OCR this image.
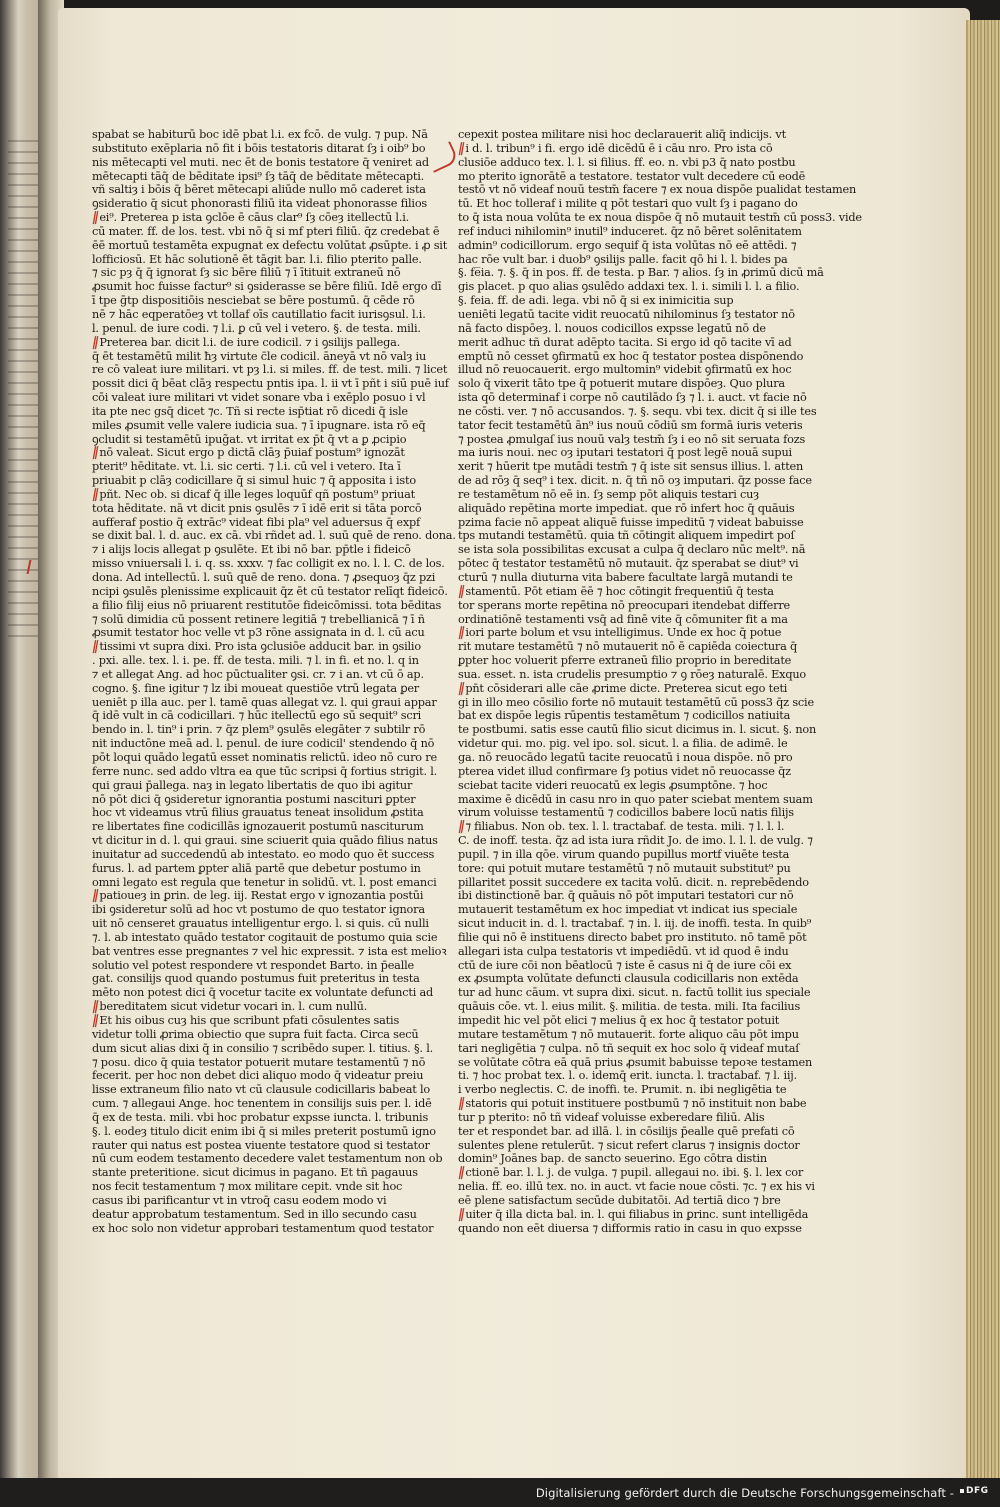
spabat se habiturū boc idē pbat l.i. ex fcō. de vulg. ⁊ pup. Nā
substituto exēplaria nō fit i bōis testatoris ditarat ſȝ i oib⁹ bo
nis mētecapti vel muti. nec ēt de bonis testatore q̄ veniret ad
mētecapti tāq̄ de bēditate ipsi⁹ ſȝ tāq̄ de bēditate mētecapti.
vñ saltiȝ i bōis q̄ bēret mētecapi aliūde nullo mō caderet ista
ꝯsideratio q̄ sicut phonorasti filiū ita videat phonorasse filios
‖ei⁹. Preterea p ista ꝯclōe ē cāus clar⁹ ſȝ cōeȝ itellectū l.i.
cū mater. ff. de los. test. vbi nō q̄ si mf pteri filiū. q̄z credebat ē
ēē mortuū testamēta expugnat ex defectu volūtat ꝓsūpte. i ꝓ sit
lofficiosū. Et hāc solutionē ēt tāgit bar. l.i. filio pterito palle.
⁊ sic pȝ q̄ q̄ ignorat ſȝ sic bēre filiū ⁊ ī ītituit extraneū nō
ꝓsumit hoc fuisse factur⁹ si ꝯsiderasse se bēre filiū. Idē ergo dī
ī tpe ḡtp dispositiōis nesciebat se bēre postumū. q̄ cēde rō
nē ⁊ hāc eqperatōeȝ vt tollaf oīs cautillatio facit iurisꝯsul. l.i.
l. penul. de iure codi. ⁊ l.i. ꝑ cū vel i vetero. §. de testa. mili.
‖Preterea bar. dicit l.i. de iure codicil. ⁊ i ꝯsilijs pallega.
q̄ ēt testamētū milit ħȝ virtute c̄le codicil. āneyā vt nō valȝ iu
re cō valeat iure militari. vt pȝ l.i. si miles. ff. de test. mili. ⁊ licet
possit dici q̄ bēat clāȝ respectu pntis ipa. l. ii vt ī pñt i siū puē iuf
cōi valeat iure militari vt videt sonare vba i exēplo posuo i vl
ita pte nec gsq̄ dicet ⁊c. Tñ si recte isp̄tiat rō dicedi q̄ isle
miles ꝓsumit velle valere iudicia sua. ⁊ ī ipugnare. ista rō eq̄
ꝯcludit si testamētū ipug̃at. vt irritat ex p̄t q̄ vt a ꝑ ꝓcipio
‖nō valeat. Sicut ergo p dictā clāȝ p̄uiaf postum⁹ ignozāt
pterit⁹ hēditate. vt. l.i. sic certi. ⁊ l.i. cū vel i vetero. Ita ī
priuabit p clāȝ codicillare q̄ si simul huic ⁊ q̄ apposita i isto
‖pñt. Nec ob. si dicaf q̄ ille leges loquūf qñ postum⁹ priuat
tota hēditate. nā vt dicit pnis ꝯsulēs ⁊ ī idē erit si tāta porcō
aufferaf postio q̄ extrāc⁹ videat fibi pla⁹ vel aduersus q̄ expf
se dixit bal. l. d. auc. ex cā. vbi rñdet ad. l. suū quē de reno. dona.
⁊ i alijs locis allegat p ꝯsulēte. Et ibi nō bar. pp̄tle i fideicō
misso vniuersali l. i. q. ss. xxxv. ⁊ fac colligit ex no. l. l. C. de los.
dona. Ad intellectū. l. suū quē de reno. dona. ⁊ ꝓsequoȝ q̄z pzi
ncipi ꝯsulēs plenissime explicauit q̄z ēt cū testator relīqt fideicō.
a filio filij eius nō priuarent restitutōe fideicōmissi. tota bēditas
⁊ solū dimidia cū possent retinere legitiā ⁊ trebellianicā ⁊ ī ñ
ꝓsumit testator hoc velle vt p3 rōne assignata in d. l. cū acu
‖tissimi vt supra dixi. Pro ista ꝯclusiōe adducit bar. in ꝯsilio
. pxi. alle. tex. l. i. pe. ff. de testa. mili. ⁊ l. in fi. et no. l. q in
⁊ et allegat Ang. ad hoc pūctualiter ꝯsi. cr. ⁊ i an. vt cū ō ap.
cogno. §. fine igitur ⁊ lz ibi moueat questiōe vtrū legata ꝑer
ueniēt p illa auc. per l. tamē quas allegat vz. l. qui graui appar
q̄ idē vult in cā codicillari. ⁊ hūc itellectū ego sū sequit⁹ scri
bendo in. l. tin⁹ i prin. ⁊ q̄z plem⁹ ꝯsulēs elegāter ⁊ subtilr rō
nit inductōne meā ad. l. penul. de iure codicil' stendendo q̄ nō
pōt loqui quādo legatū esset nominatis relictū. ideo nō curo re
ferre nunc. sed addo vltra ea que tūc scripsi q̄ fortius strigit. l.
qui graui p̄allega. naȝ in legato libertatis de quo ibi agitur
nō pōt dici q̄ ꝯsideretur ignorantia postumi nascituri ꝑpter
hoc vt videamus vtrū filius grauatus teneat insolidum ꝓstita
re libertates fine codicillās ignozauerit postumū nasciturum
vt dicitur in d. l. qui graui. sine sciuerit quia quādo filius natus
inuitatur ad succedendū ab intestato. eo modo quo ēt success
furus. l. ad partem ꝑpter aliā partē que debetur postumo in
omni legato est regula que tenetur in solidū. vt. l. post emanci
‖patioueȝ in ꝑrin. de leg. iij. Restat ergo v ignozantia postūi
ibi ꝯsideretur solū ad hoc vt postumo de quo testator ignora
uit nō censeret grauatus intelligentur ergo. l. si quis. cū nulli
⁊. l. ab intestato quādo testator cogitauit de postumo quia scie
bat ventres esse pregnantes ⁊ vel hic expressit. ⁊ ista est melioꝛ
solutio vel potest respondere vt respondet Barto. in p̄ealle
gat. consilijs quod quando postumus fuit preteritus in testa
mēto non potest dici q̄ vocetur tacite ex voluntate defuncti ad
‖bereditatem sicut videtur vocari in. l. cum nullū.
‖Et his oibus cuȝ his que scribunt pfati cōsulentes satis
videtur tolli ꝓrima obiectio que supra fuit facta. Circa secū
dum sicut alias dixi q̄ in consilio ⁊ scribēdo super. l. titius. §. l.
⁊ posu. dico q̄ quia testator potuerit mutare testamentū ⁊ nō
fecerit. per hoc non debet dici aliquo modo q̄ videatur preiu
lisse extraneum filio nato vt cū clausule codicillaris babeat lo
cum. ⁊ allegaui Ange. hoc tenentem in consilijs suis per. l. idē
q̄ ex de testa. mili. vbi hoc probatur expsse iuncta. l. tribunis
§. l. eodeȝ titulo dicit enim ibi q̄ si miles preterit postumū igno
rauter qui natus est postea viuente testatore quod si testator
nū cum eodem testamento decedere valet testamentum non ob
stante preteritione. sicut dicimus in pagano. Et tñ pagauus
nos fecit testamentum ⁊ mox militare cepit. vnde sit hoc
casus ibi parificantur vt in vtroq̄ casu eodem modo vi
deatur approbatum testamentum. Sed in illo secundo casu
ex hoc solo non videtur approbari testamentum quod testator
cepexit postea militare nisi hoc declarauerit aliq̄ indicijs. vt
‖i d. l. tribun⁹ i fi. ergo idē dicēdū ē i cāu nro. Pro ista cō
clusiōe adduco tex. l. l. si filius. ff. eo. n. vbi p3 q̄ nato postbu
mo pterito ignorātē a testatore. testator vult decedere cū eodē
testō vt nō videaf nouū testm̄ facere ⁊ ex noua dispōe pualidat testamen
tū. Et hoc tolleraf i milite q pōt testari quo vult ſȝ i pagano do
to q̄ ista noua volūta te ex noua dispōe q̄ nō mutauit testm̄ cū poss3. vide
ref induci nihilomin⁹ inutil⁹ induceret. q̄z nō bēret solēnitatem
admin⁹ codicillorum. ergo sequif q̄ ista volūtas nō eē attēdi. ⁊
hac rōe vult bar. i duob⁹ ꝯsilijs palle. facit qō hi l. l. bides pa
§. fe̅ia. ⁊. §. q̄ in pos. ff. de testa. p Bar. ⁊ alios. ſȝ in ꝓrimū dicū mā
gis placet. p quo alias ꝯsulēdo addaxi tex. l. i. simili l. l. a filio.
§. feia. ff. de adi. lega. vbi nō q̄ si ex inimicitia sup
ueniēti legatū tacite vidit reuocatū nihilominus ſȝ testator nō
nā facto dispōeȝ. l. nouos codicillos expsse legatū nō de
merit adhuc tñ durat adēpto tacita. Si ergo id qō tacite vī ad
emptū nō cesset ꝯfirmatū ex hoc q̄ testator postea dispōnendo
illud nō reuocauerit. ergo multomin⁹ videbit ꝯfirmatū ex hoc
solo q̄ vixerit tāto tpe q̄ potuerit mutare dispōeȝ. Quo plura
ista qō determinaf i corpe nō cautilādo ſȝ ⁊ l. i. auct. vt facie nō
ne cōsti. ver. ⁊ nō accusandos. ⁊. §. sequ. vbi tex. dicit q̄ si ille tes
tator fecit testamētū ān⁹ ius nouū cōdiū sm formā iuris veteris
⁊ postea ꝓmulgaſ ius nouū valȝ testm̄ ſȝ i eo nō sit seruata fozs
ma iuris noui. nec oȝ iputari testatori q̄ post legē nouā supui
xerit ⁊ hūerit tpe mutādi testm̄ ⁊ q̄ iste sit sensus illius. l. atten
de ad rōȝ q̄ seq⁹ i tex. dicit. n. q̄ tñ nō oȝ imputari. q̄z posse face
re testamētum nō eē in. ſȝ semp pōt aliquis testari cuȝ
aliquādo repētina morte impediat. que rō infert hoc q̄ quāuis
pzima facie nō appeat aliquē fuisse impeditū ⁊ videat babuisse
tps mutandi testamētū. quia tñ cōtingit aliquem impedirt poſ
se ista sola possibilitas excusat a culpa q̄ declaro nūc melt⁹. nā
pōtec q̄ testator testamētū nō mutauit. q̄z sperabat se diut⁹ vi
cturū ⁊ nulla diuturna vita babere facultate largā mutandi te
‖stamentū. Pōt etiam ēē ⁊ hoc cōtingit frequentiū q̄ testa
tor sperans morte repētina nō preocupari itendebat differre
ordinatiōnē testamenti vsq̄ ad finē vite q̄ cōmuniter fit a ma
‖iori parte bolum et vsu intelligimus. Unde ex hoc q̄ potue
rit mutare testamētū ⁊ nō mutauerit nō ē capiēda coiectura q̄
ꝑpter hoc voluerit pferre extraneū filio proprio in bereditate
sua. esset. n. ista crudelis presumptio ⁊ ꝯ rōeȝ naturalē. Exquo
‖pn̄t cōsiderari alle cāe ꝓrime dicte. Preterea sicut ego teti
gi in illo meo cōsilio forte nō mutauit testamētū cū poss3 q̄z scie
bat ex dispōe legis rūpentis testamētum ⁊ codicillos natiuita
te postbumi. satis esse cautū filio sicut dicimus in. l. sicut. §. non
videtur qui. mo. pig. vel ipo. sol. sicut. l. a filia. de adimē. le
ga. nō reuocādo legatū tacite reuocatū i noua dispōe. nō pro
pterea videt illud confirmare ſȝ potius videt nō reuocasse q̄z
sciebat tacite videri reuocatū ex legis ꝓsumptōne. ⁊ hoc
maxime ē dicēdū in casu nro in quo pater sciebat mentem suam
virum voluisse testamentū ⁊ codicillos babere locū natis filijs
‖⁊ filiabus. Non ob. tex. l. l. tractabaf. de testa. mili. ⁊ l. l. l.
C. de inoff. testa. q̄z ad ista iura rñdit Jo. de imo. l. l. l. de vulg. ⁊
pupil. ⁊ in illa qōe. virum quando pupillus mortf viuēte testa
tore: qui potuit mutare testamētū ⁊ nō mutauit substitut⁹ pu
pillaritet possit succedere ex tacita volū. dicit. n. reprebēdendo
ibi distinctionē bar. q̄ quāuis nō pōt imputari testatori cur nō
mutauerit testamētum ex hoc impediat vt indicat ius speciale
sicut inducit in. d. l. tractabaf. ⁊ in. l. iij. de inoffi. testa. In quib⁹
filie qui nō ē instituens directo babet pro instituto. nō tamē pōt
allegari ista culpa testatoris vt impediēdū. vt id quod ē indu
ctū de iure cōi non bēatlocū ⁊ iste ē casus ni q̄ de iure cōi ex
ex ꝓsumpta volūtate defuncti clausula codicillaris non extēda
tur ad hunc cāum. vt supra dixi. sicut. n. factū tollit ius speciale
quāuis cōe. vt. l. eius milit. §. militia. de testa. mili. Ita facilius
impedit hic vel pōt elici ⁊ melius q̄ ex hoc q̄ testator potuit
mutare testamētum ⁊ nō mutauerit. forte aliquo cāu pōt impu
tari negligētia ⁊ culpa. nō tñ sequit ex hoc solo q̄ videaf mutaſ
se volūtate cōtra eā quā prius ꝓsumit babuisse tepoꝛe testamen
ti. ⁊ hoc probat tex. l. o. idemq̄ erit. iuncta. l. tractabaf. ⁊ l. iij.
i verbo neglectis. C. de inoffi. te. Prumit. n. ibi negligētia te
‖statoris qui potuit instituere postbumū ⁊ nō instituit non babe
tur p pterito: nō tñ videaf voluisse exberedare filiū. Alis
ter et respondet bar. ad illā. l. in cōsilijs p̄ealle quē prefati cō
sulentes plene retulerūt. ⁊ sicut refert clarus ⁊ insignis doctor
domin⁹ Joānes bap. de sancto seuerino. Ego cōtra distin
‖ctionē bar. l. l. j. de vulga. ⁊ pupil. allegaui no. ibi. §. l. lex cor
nelia. ff. eo. illū tex. no. in auct. vt facie noue cōsti. ⁊c. ⁊ ex his vi
eē plene satisfactum secūde dubitatōi. Ad tertiā dico ⁊ bre
‖uiter q̄ illa dicta bal. in. l. qui filiabus in ꝑrinc. sunt intelligēda
quando non eēt diuersa ⁊ difformis ratio in casu in quo expsse
Digitalisierung gefördert durch die Deutsche Forschungsgemeinschaft -	DFG
